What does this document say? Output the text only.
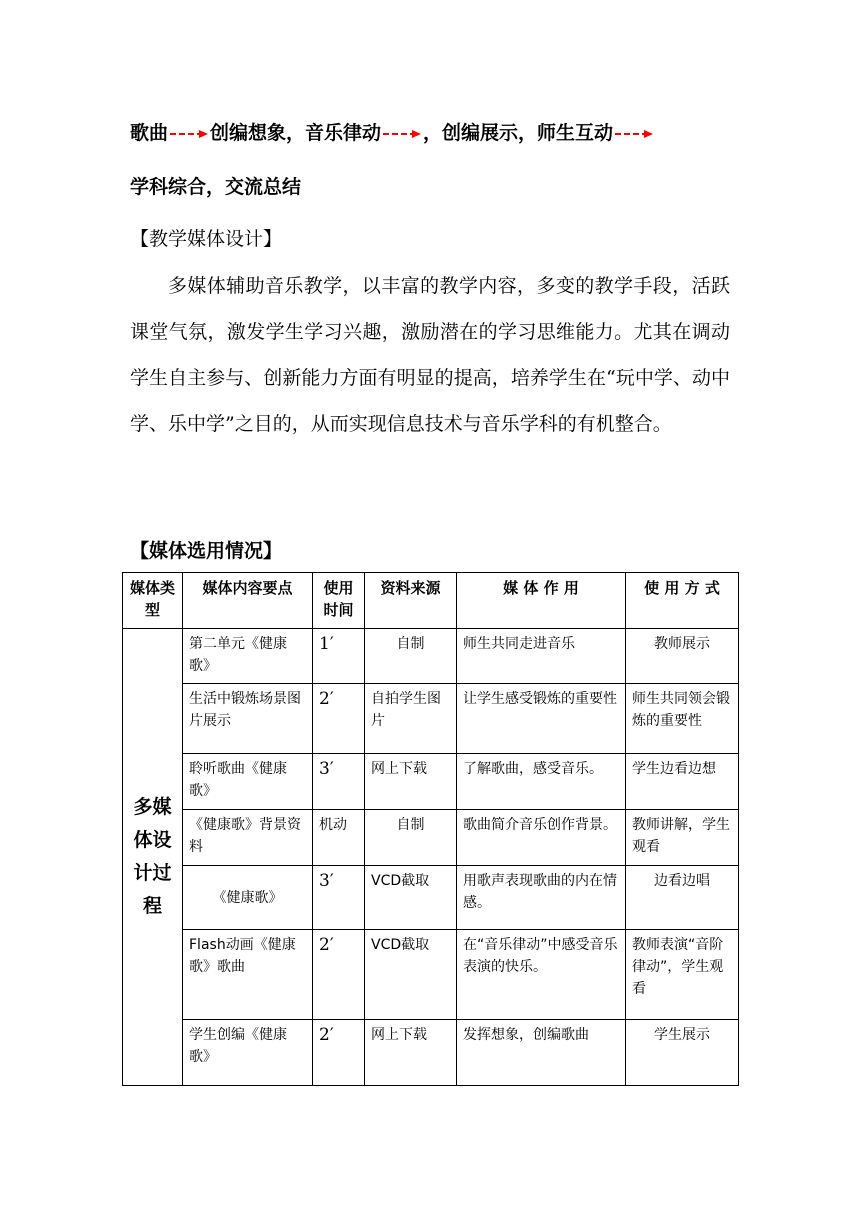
歌曲 创编想象，音乐律动 ，创编展示，师生互动
学科综合，交流总结
【教学媒体设计】
多媒体辅助音乐教学，以丰富的教学内容，多变的教学手段，活跃课堂气氛，激发学生学习兴趣，激励潜在的学习思维能力。尤其在调动学生自主参与、创新能力方面有明显的提高，培养学生在“玩中学、动中学、乐中学”之目的，从而实现信息技术与音乐学科的有机整合。
【媒体选用情况】
媒体类型	媒体内容要点	使用时间	资料来源	媒 体 作 用	使 用 方 式
多媒体设计过程	第二单元《健康歌》	1′	自制	师生共同走进音乐	教师展示
	生活中锻炼场景图片展示	2′	自拍学生图片	让学生感受锻炼的重要性	师生共同领会锻炼的重要性
	聆听歌曲《健康歌》	3′	网上下载	了解歌曲，感受音乐。	学生边看边想
	《健康歌》背景资料	机动	自制	歌曲简介音乐创作背景。	教师讲解，学生观看
	《健康歌》	3′	VCD截取	用歌声表现歌曲的内在情感。	边看边唱
	Flash动画《健康歌》歌曲	2′	VCD截取	在“音乐律动”中感受音乐表演的快乐。	教师表演“音阶律动”，学生观看
	学生创编《健康歌》	2′	网上下载	发挥想象，创编歌曲	学生展示
